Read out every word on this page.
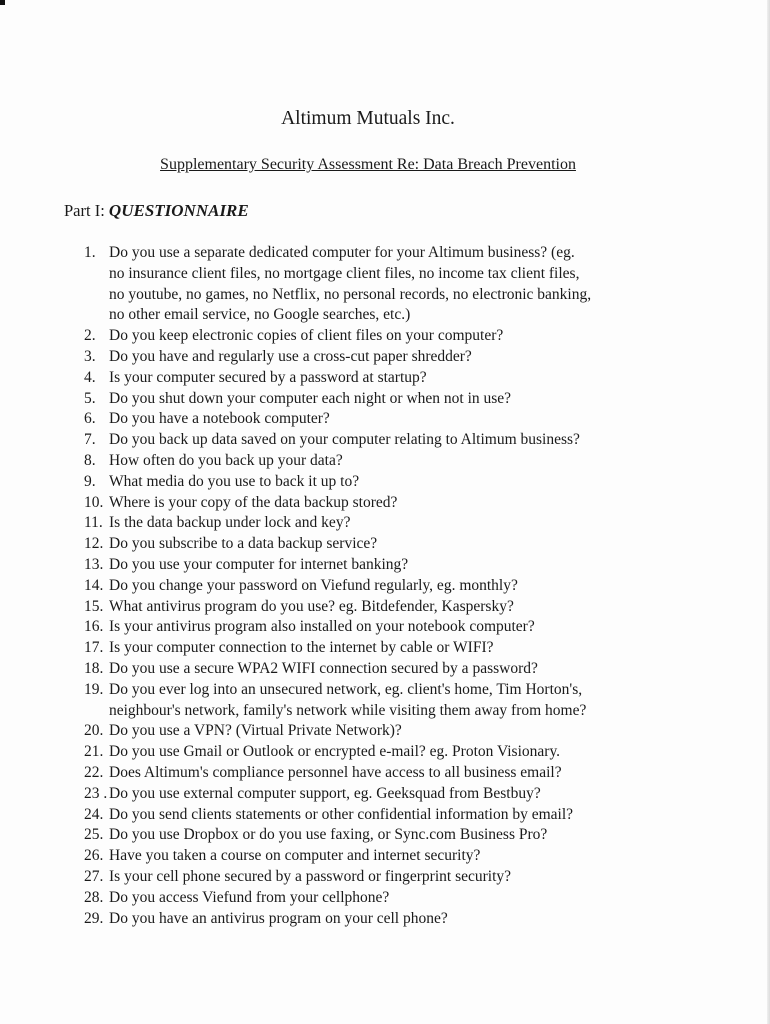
Altimum Mutuals Inc.
Supplementary Security Assessment Re: Data Breach Prevention
Part I: QUESTIONNAIRE
1. Do you use a separate dedicated computer for your Altimum business? (eg.
no insurance client files, no mortgage client files, no income tax client files,
no youtube, no games, no Netflix, no personal records, no electronic banking,
no other email service, no Google searches, etc.)
2. Do you keep electronic copies of client files on your computer?
3. Do you have and regularly use a cross-cut paper shredder?
4. Is your computer secured by a password at startup?
5. Do you shut down your computer each night or when not in use?
6. Do you have a notebook computer?
7. Do you back up data saved on your computer relating to Altimum business?
8. How often do you back up your data?
9. What media do you use to back it up to?
10. Where is your copy of the data backup stored?
11. Is the data backup under lock and key?
12. Do you subscribe to a data backup service?
13. Do you use your computer for internet banking?
14. Do you change your password on Viefund regularly, eg. monthly?
15. What antivirus program do you use? eg. Bitdefender, Kaspersky?
16. Is your antivirus program also installed on your notebook computer?
17. Is your computer connection to the internet by cable or WIFI?
18. Do you use a secure WPA2 WIFI connection secured by a password?
19. Do you ever log into an unsecured network, eg. client's home, Tim Horton's,
neighbour's network, family's network while visiting them away from home?
20. Do you use a VPN? (Virtual Private Network)?
21. Do you use Gmail or Outlook or encrypted e-mail? eg. Proton Visionary.
22. Does Altimum's compliance personnel have access to all business email?
23 . Do you use external computer support, eg. Geeksquad from Bestbuy?
24. Do you send clients statements or other confidential information by email?
25. Do you use Dropbox or do you use faxing, or Sync.com Business Pro?
26. Have you taken a course on computer and internet security?
27. Is your cell phone secured by a password or fingerprint security?
28. Do you access Viefund from your cellphone?
29. Do you have an antivirus program on your cell phone?
